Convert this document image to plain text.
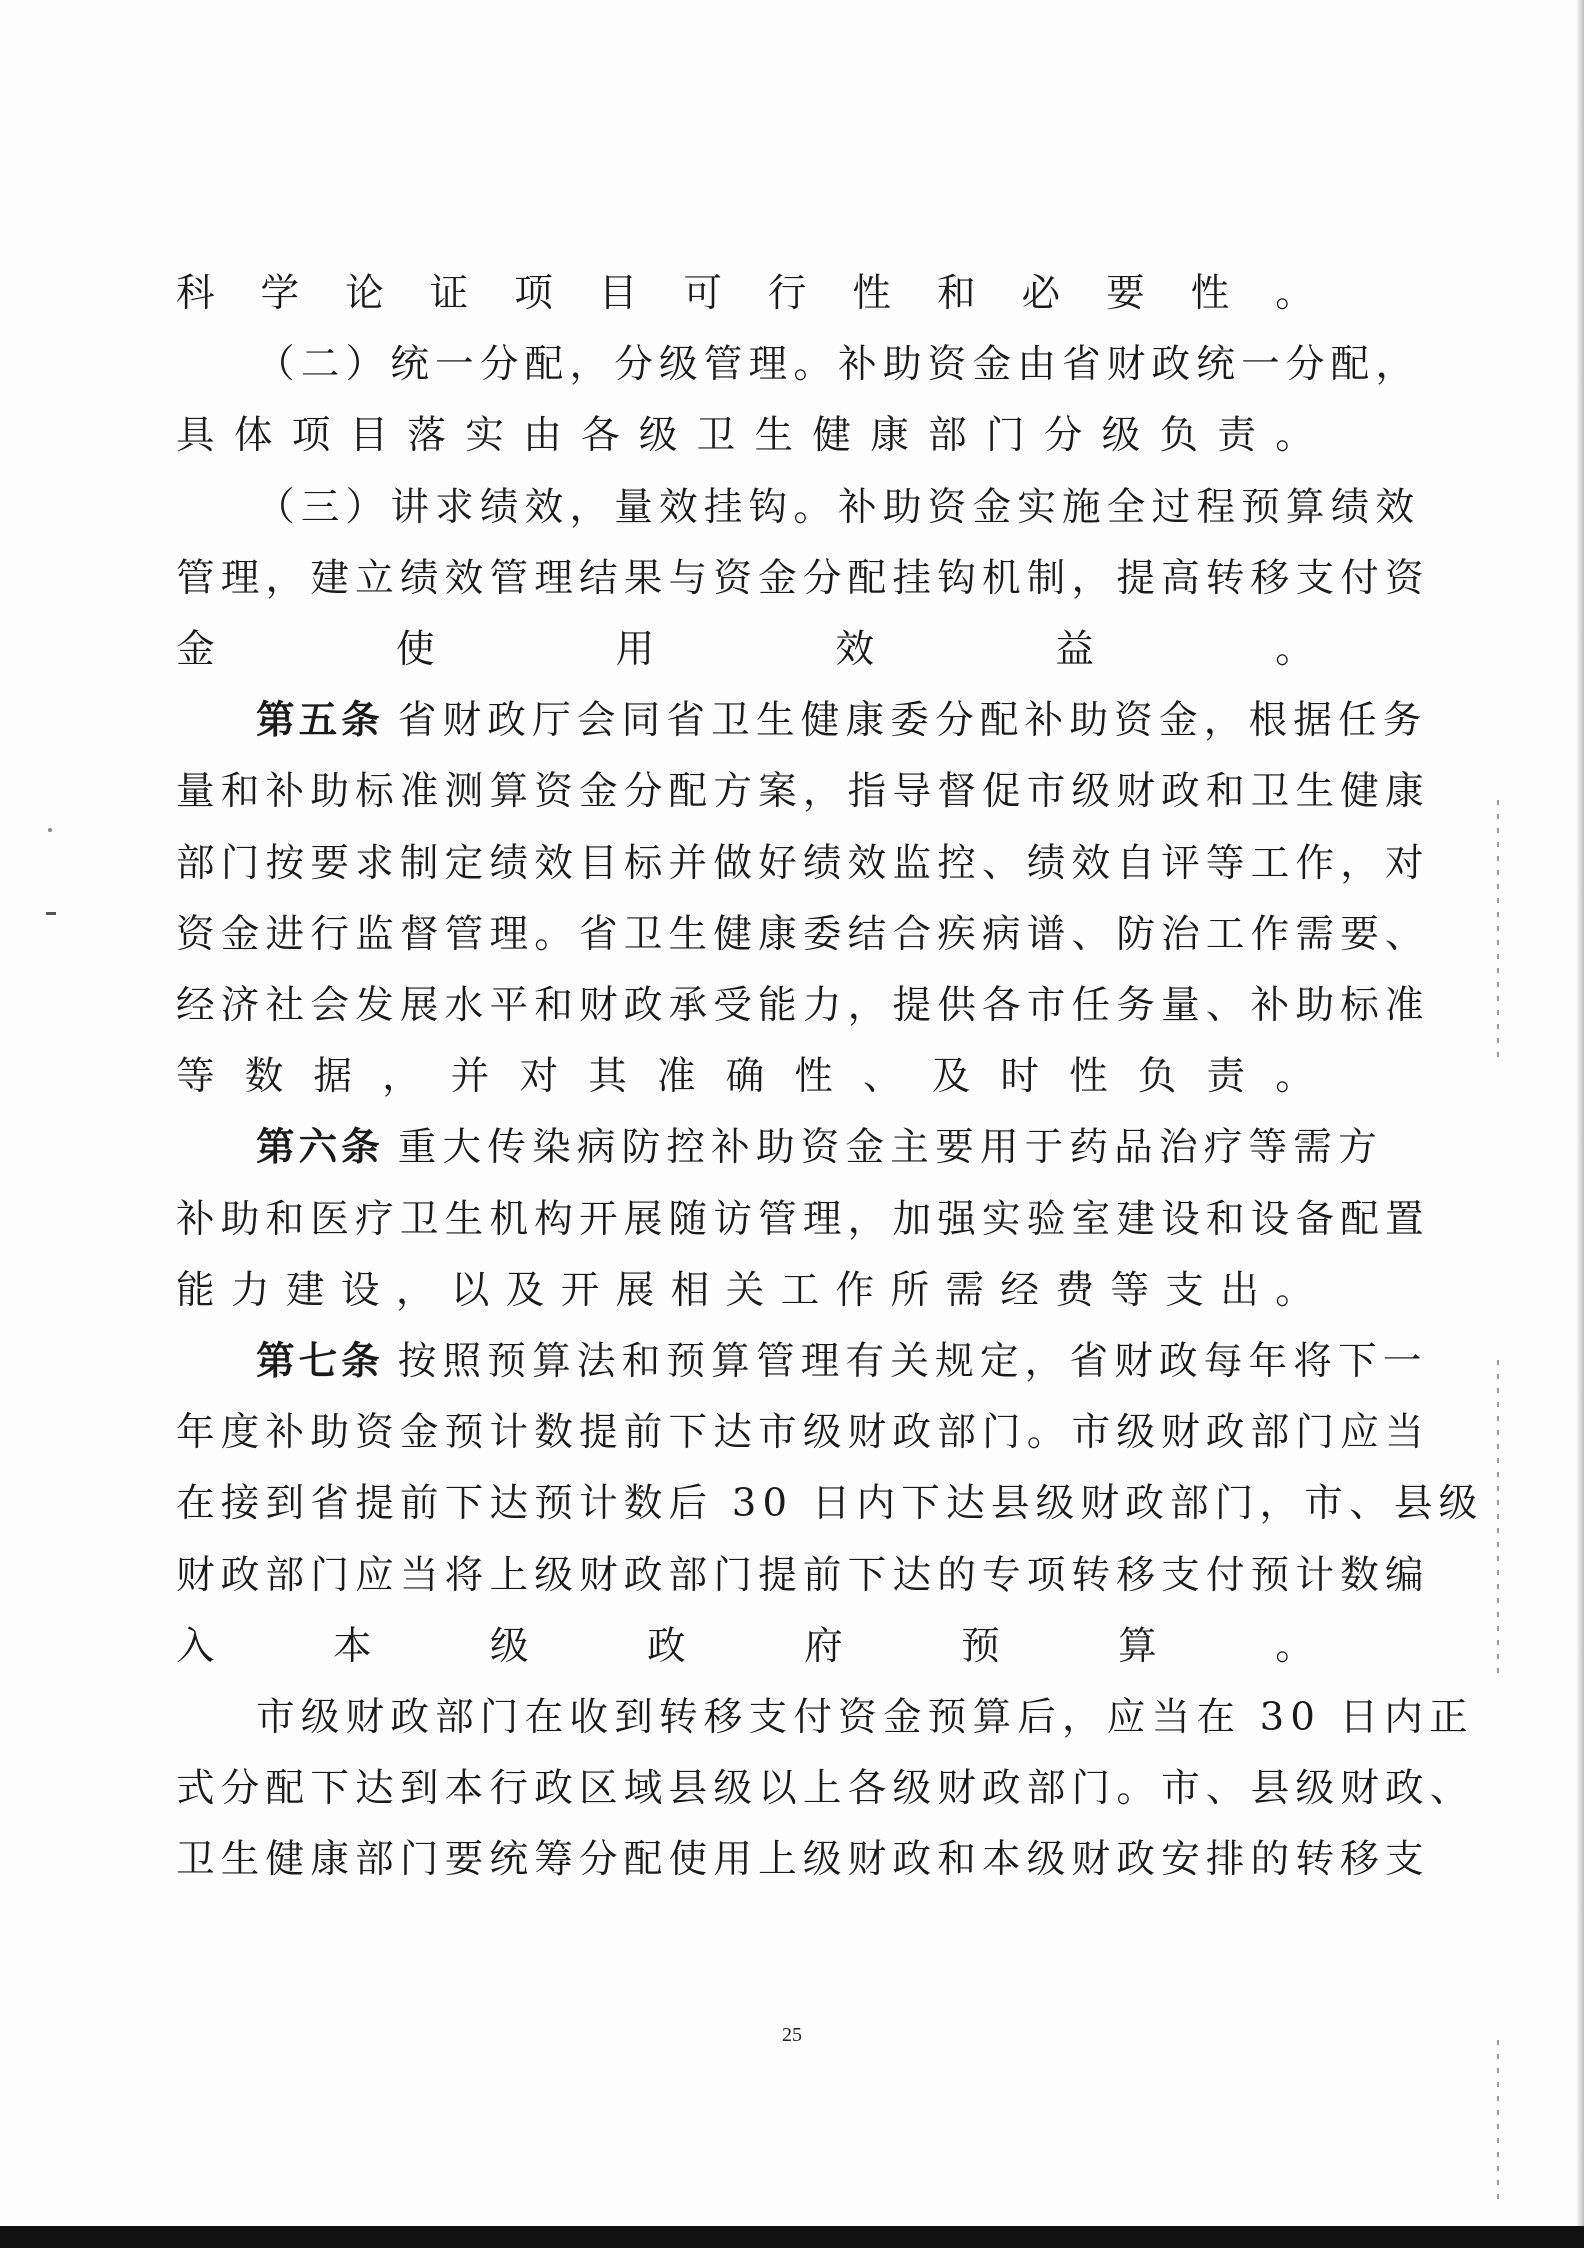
科学论证项目可行性和必要性。
（二）统一分配，分级管理。补助资金由省财政统一分配，
具体项目落实由各级卫生健康部门分级负责。
（三）讲求绩效，量效挂钩。补助资金实施全过程预算绩效
管理，建立绩效管理结果与资金分配挂钩机制，提高转移支付资
金使用效益。
第五条 省财政厅会同省卫生健康委分配补助资金，根据任务
量和补助标准测算资金分配方案，指导督促市级财政和卫生健康
部门按要求制定绩效目标并做好绩效监控、绩效自评等工作，对
资金进行监督管理。省卫生健康委结合疾病谱、防治工作需要、
经济社会发展水平和财政承受能力，提供各市任务量、补助标准
等数据，并对其准确性、及时性负责。
第六条 重大传染病防控补助资金主要用于药品治疗等需方
补助和医疗卫生机构开展随访管理，加强实验室建设和设备配置
能力建设，以及开展相关工作所需经费等支出。
第七条 按照预算法和预算管理有关规定，省财政每年将下一
年度补助资金预计数提前下达市级财政部门。市级财政部门应当
在接到省提前下达预计数后 30 日内下达县级财政部门，市、县级
财政部门应当将上级财政部门提前下达的专项转移支付预计数编
入本级政府预算。
市级财政部门在收到转移支付资金预算后，应当在 30 日内正
式分配下达到本行政区域县级以上各级财政部门。市、县级财政、
卫生健康部门要统筹分配使用上级财政和本级财政安排的转移支
25
